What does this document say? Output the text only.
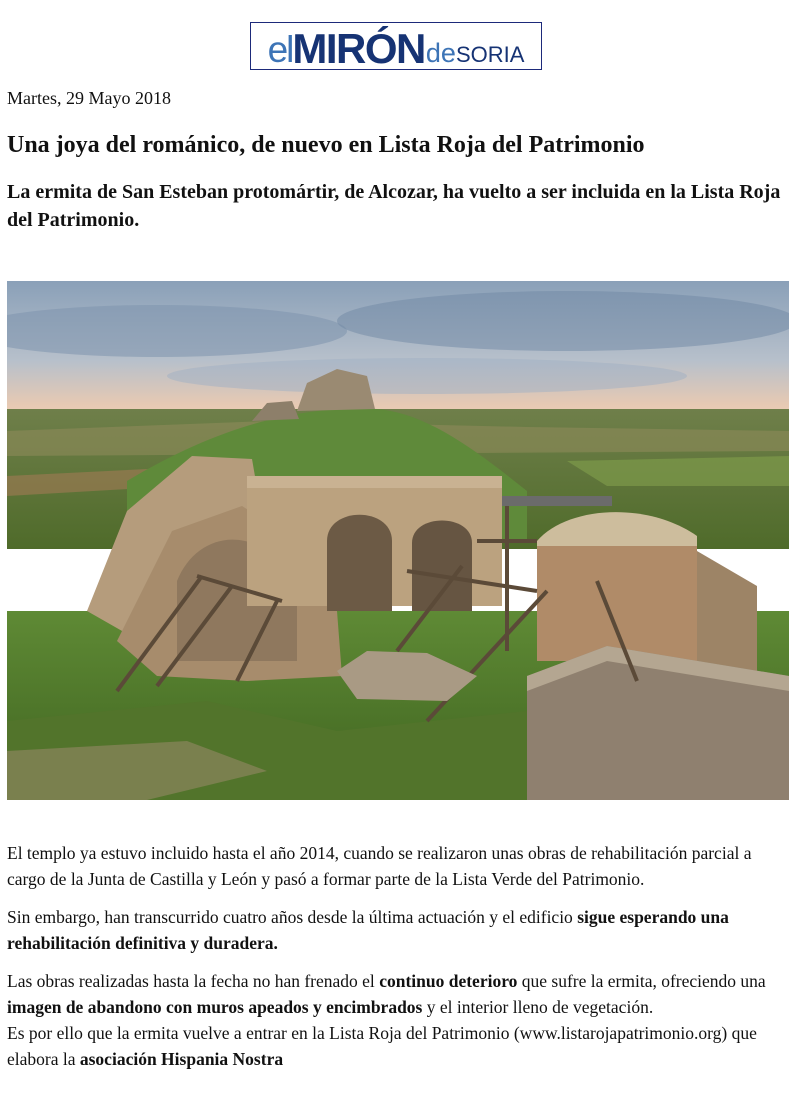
el MIRÓN de SORIA
Martes, 29 Mayo 2018
Una joya del románico, de nuevo en Lista Roja del Patrimonio
La ermita de San Esteban protomártir, de Alcozar, ha vuelto a ser incluida en la Lista Roja del Patrimonio.

El templo ya estuvo incluido hasta el año 2014, cuando se realizaron unas obras de rehabilitación parcial a cargo de la Junta de Castilla y León y pasó a formar parte de la Lista Verde del Patrimonio.

Sin embargo, han transcurrido cuatro años desde la última actuación y el edificio sigue esperando una rehabilitación definitiva y duradera.

Las obras realizadas hasta la fecha no han frenado el continuo deterioro que sufre la ermita, ofreciendo una imagen de abandono con muros apeados y encimbrados y el interior lleno de vegetación.

Es por ello que la ermita vuelve a entrar en la Lista Roja del Patrimonio (www.listarojapatrimonio.org) que elabora la asociación Hispania Nostra
